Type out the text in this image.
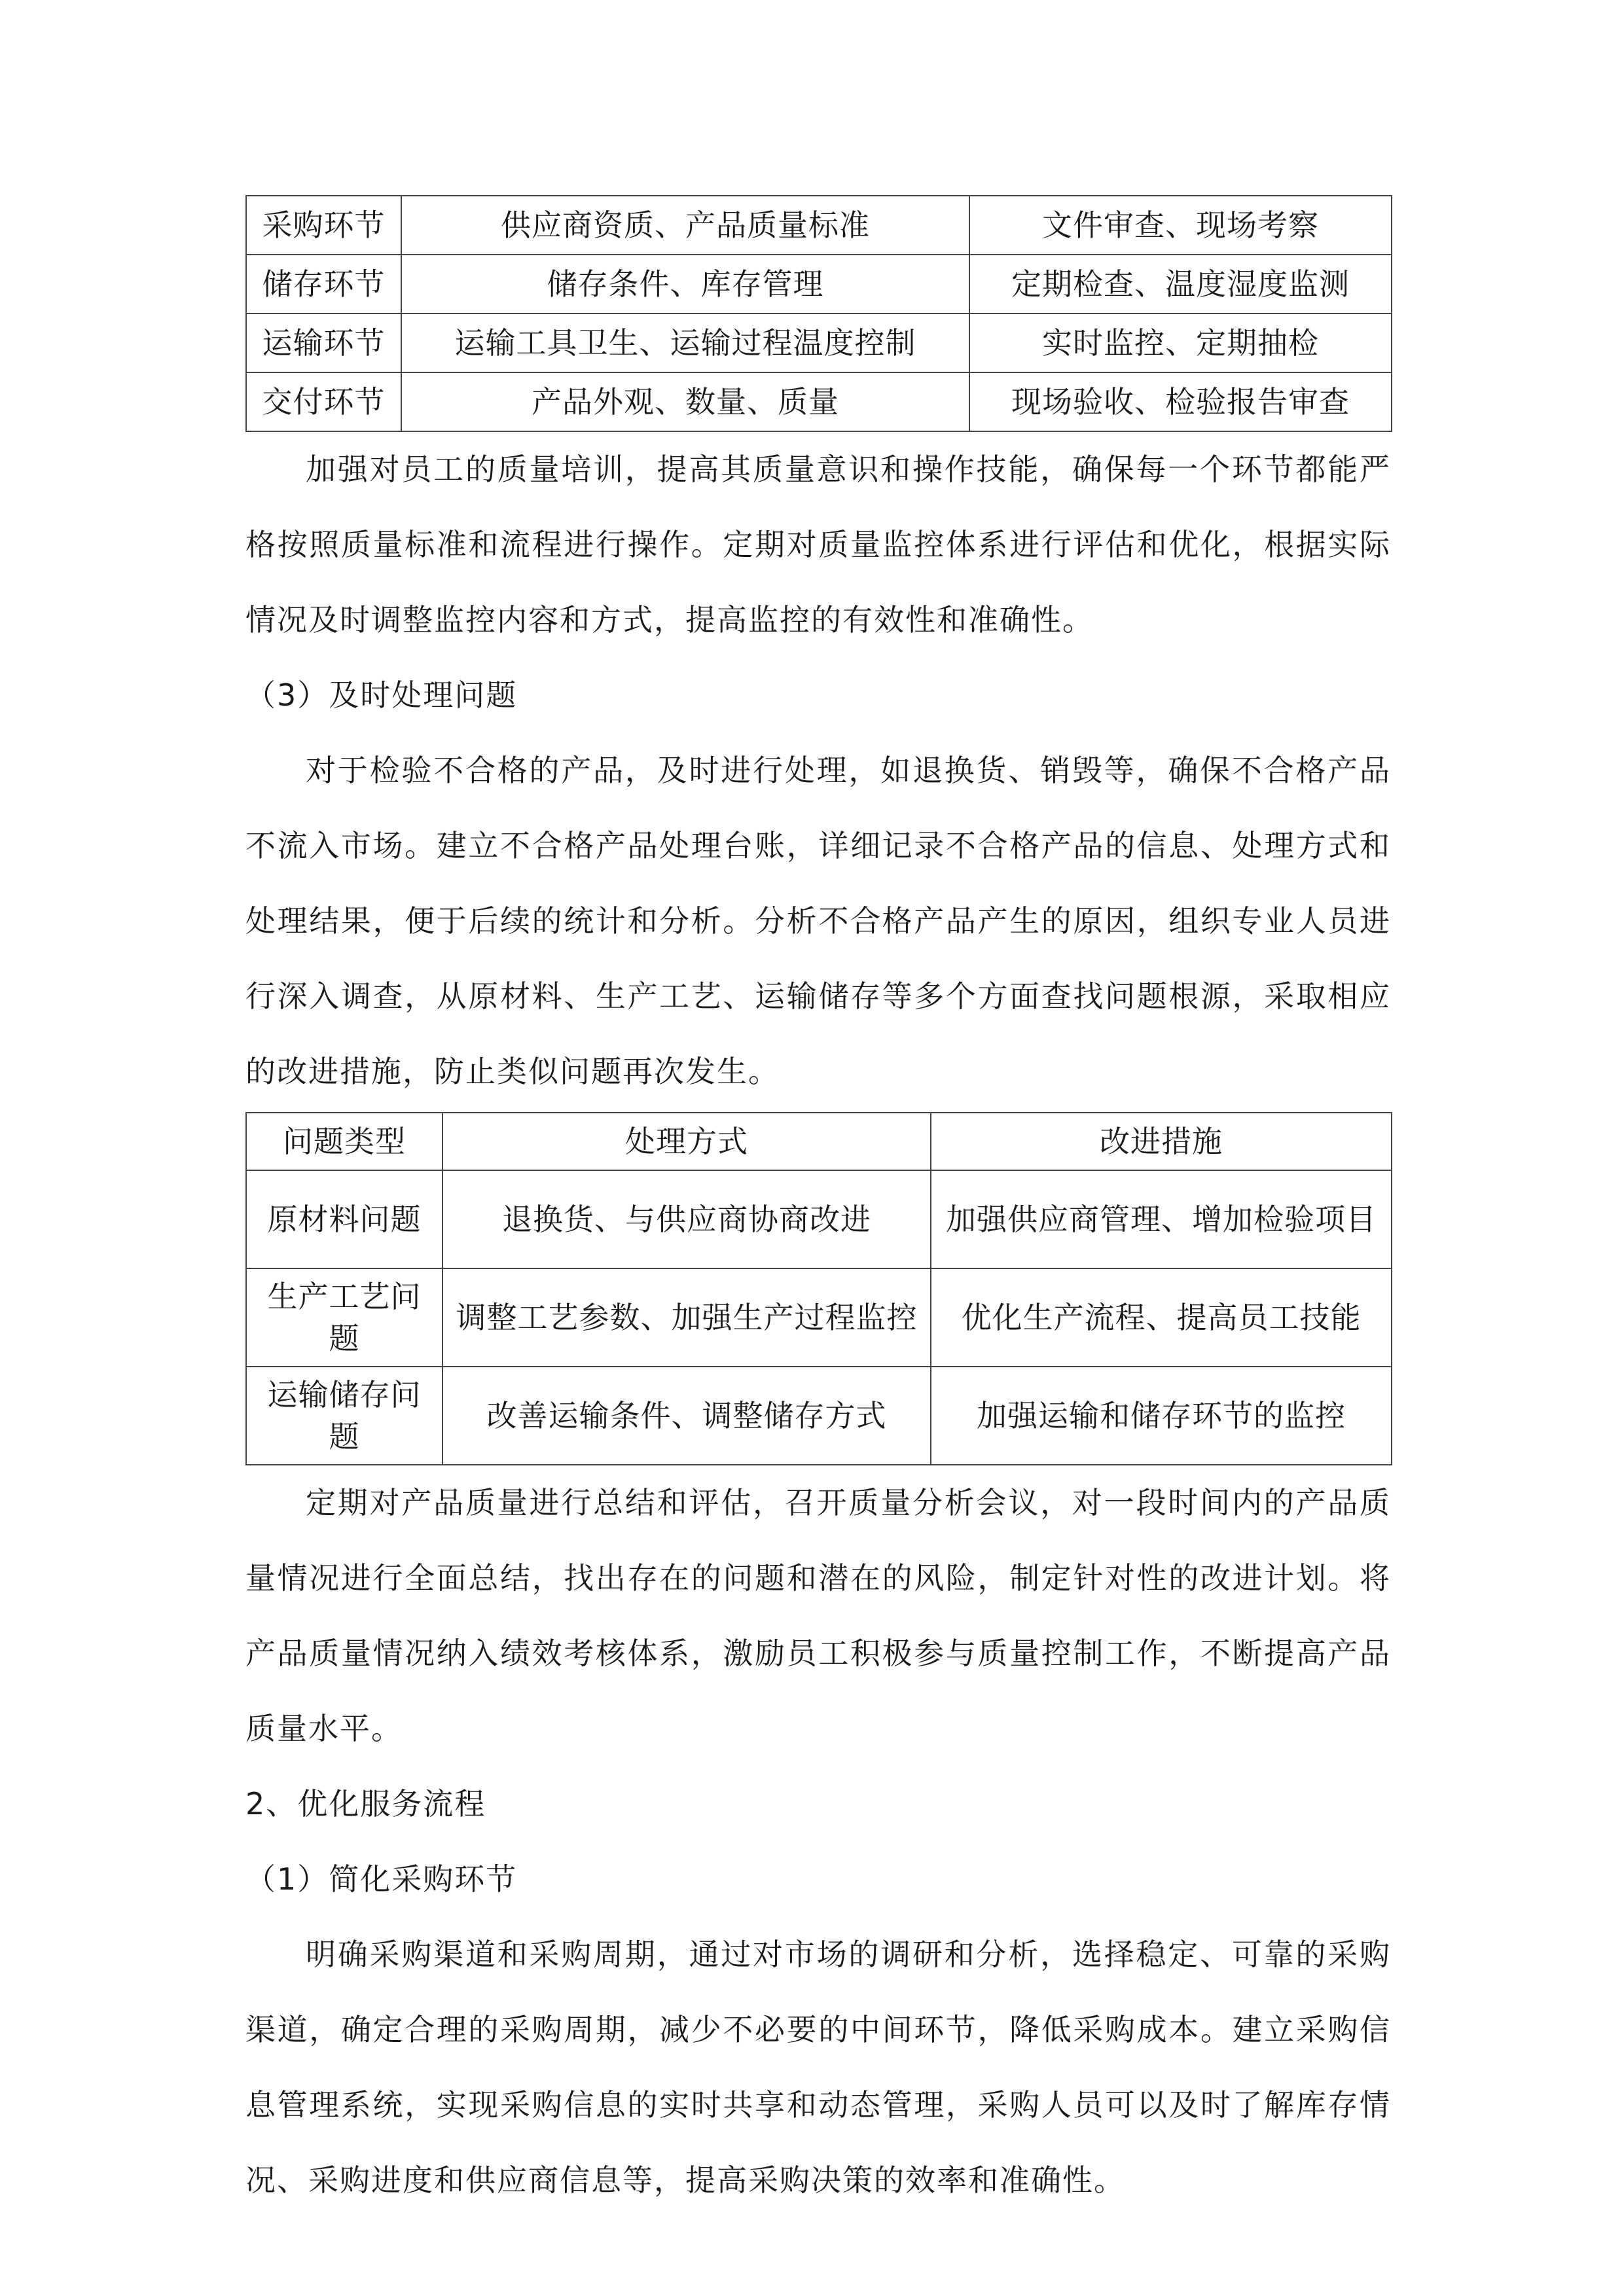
采购环节	供应商资质、产品质量标准	文件审查、现场考察
储存环节	储存条件、库存管理	定期检查、温度湿度监测
运输环节	运输工具卫生、运输过程温度控制	实时监控、定期抽检
交付环节	产品外观、数量、质量	现场验收、检验报告审查

加强对员工的质量培训，提高其质量意识和操作技能，确保每一个环节都能严格按照质量标准和流程进行操作。定期对质量监控体系进行评估和优化，根据实际情况及时调整监控内容和方式，提高监控的有效性和准确性。

（3）及时处理问题

对于检验不合格的产品，及时进行处理，如退换货、销毁等，确保不合格产品不流入市场。建立不合格产品处理台账，详细记录不合格产品的信息、处理方式和处理结果，便于后续的统计和分析。分析不合格产品产生的原因，组织专业人员进行深入调查，从原材料、生产工艺、运输储存等多个方面查找问题根源，采取相应的改进措施，防止类似问题再次发生。

问题类型	处理方式	改进措施
原材料问题	退换货、与供应商协商改进	加强供应商管理、增加检验项目
生产工艺问题	调整工艺参数、加强生产过程监控	优化生产流程、提高员工技能
运输储存问题	改善运输条件、调整储存方式	加强运输和储存环节的监控

定期对产品质量进行总结和评估，召开质量分析会议，对一段时间内的产品质量情况进行全面总结，找出存在的问题和潜在的风险，制定针对性的改进计划。将产品质量情况纳入绩效考核体系，激励员工积极参与质量控制工作，不断提高产品质量水平。

2、优化服务流程
（1）简化采购环节

明确采购渠道和采购周期，通过对市场的调研和分析，选择稳定、可靠的采购渠道，确定合理的采购周期，减少不必要的中间环节，降低采购成本。建立采购信息管理系统，实现采购信息的实时共享和动态管理，采购人员可以及时了解库存情况、采购进度和供应商信息等，提高采购决策的效率和准确性。
